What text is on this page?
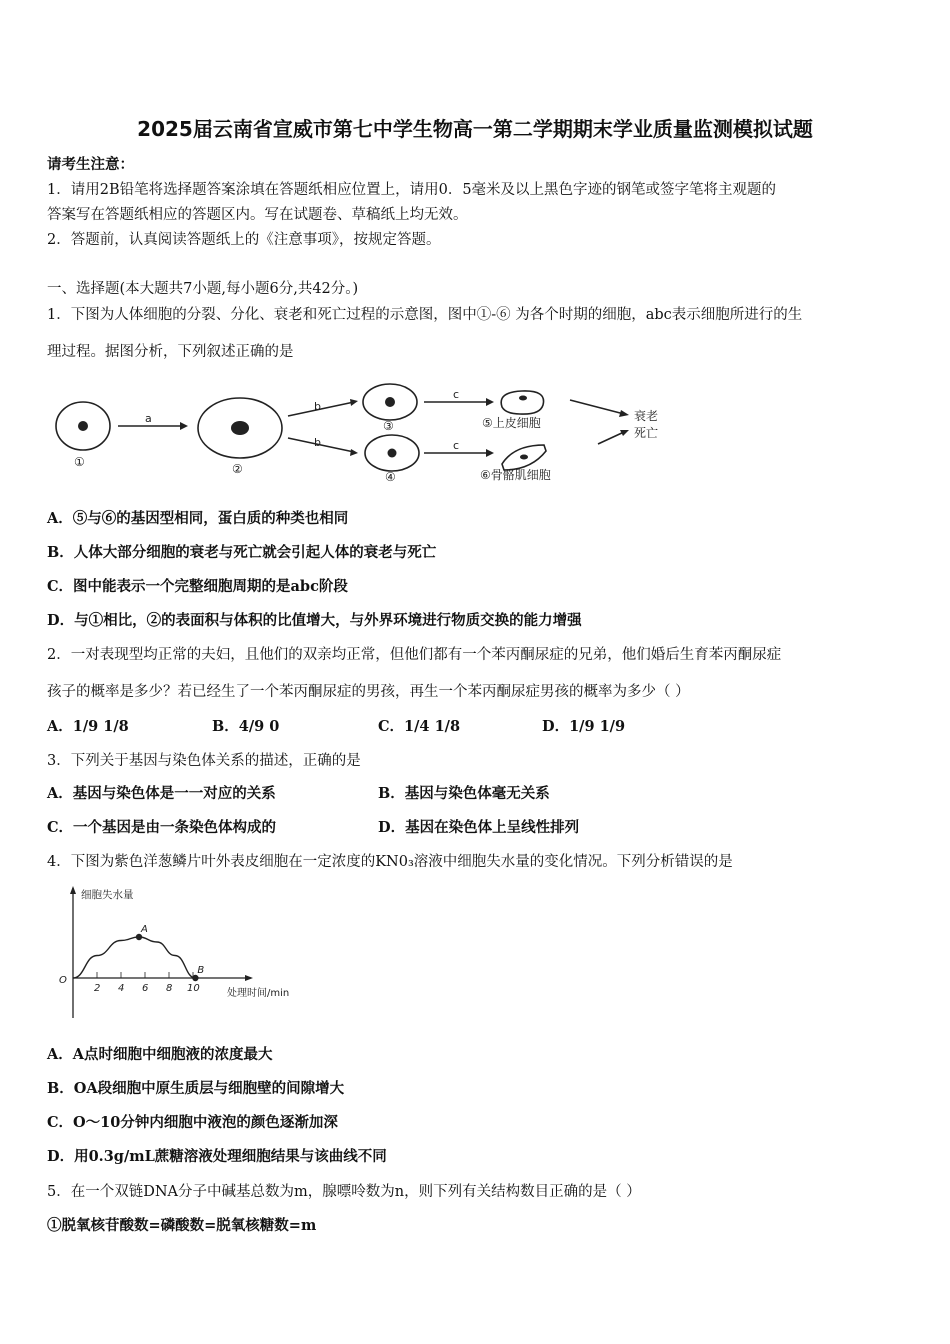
2025届云南省宣威市第七中学生物高一第二学期期末学业质量监测模拟试题
请考生注意：
1．请用2B铅笔将选择题答案涂填在答题纸相应位置上，请用0．5毫米及以上黑色字迹的钢笔或签字笔将主观题的
答案写在答题纸相应的答题区内。写在试题卷、草稿纸上均无效。
2．答题前，认真阅读答题纸上的《注意事项》，按规定答题。
一、选择题(本大题共7小题,每小题6分,共42分。)
1．下图为人体细胞的分裂、分化、衰老和死亡过程的示意图，图中①-⑥ 为各个时期的细胞，abc表示细胞所进行的生
理过程。据图分析，下列叙述正确的是
a
b
b
c
c
①	②
③
④
⑤上皮细胞
⑥骨骼肌细胞
衰老
死亡
A．⑤与⑥的基因型相同，蛋白质的种类也相同
B．人体大部分细胞的衰老与死亡就会引起人体的衰老与死亡
C．图中能表示一个完整细胞周期的是abc阶段
D．与①相比，②的表面积与体积的比值增大，与外界环境进行物质交换的能力增强
2．一对表现型均正常的夫妇，且他们的双亲均正常，但他们都有一个苯丙酮尿症的兄弟，他们婚后生育苯丙酮尿症
孩子的概率是多少？若已经生了一个苯丙酮尿症的男孩，再生一个苯丙酮尿症男孩的概率为多少（ ）
A．1/9 1/8	B．4/9 0	C．1/4 1/8	D．1/9 1/9
3．下列关于基因与染色体关系的描述，正确的是
A．基因与染色体是一一对应的关系	B．基因与染色体毫无关系
C．一个基因是由一条染色体构成的	D．基因在染色体上呈线性排列
4．下图为紫色洋葱鳞片叶外表皮细胞在一定浓度的KN0₃溶液中细胞失水量的变化情况。下列分析错误的是
A
B
2 4 6 8 10
O
细胞失水量
处理时间/min
A．A点时细胞中细胞液的浓度最大
B．OA段细胞中原生质层与细胞壁的间隙增大
C．O～10分钟内细胞中液泡的颜色逐渐加深
D．用0.3g/mL蔗糖溶液处理细胞结果与该曲线不同
5．在一个双链DNA分子中碱基总数为m，腺嘌呤数为n，则下列有关结构数目正确的是（ ）
①脱氧核苷酸数=磷酸数=脱氧核糖数=m
